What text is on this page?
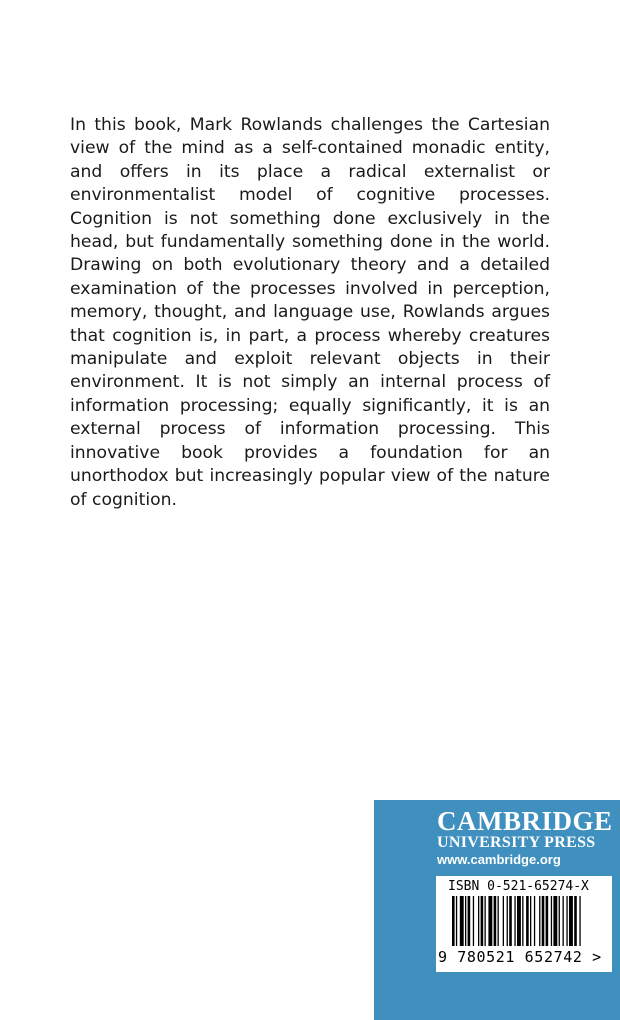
In this book, Mark Rowlands challenges the Cartesian view of the mind as a self-contained monadic entity, and offers in its place a radical externalist or environmentalist model of cognitive processes. Cognition is not something done exclusively in the head, but fundamentally something done in the world. Drawing on both evolutionary theory and a detailed examination of the processes involved in perception, memory, thought, and language use, Rowlands argues that cognition is, in part, a process whereby creatures manipulate and exploit relevant objects in their environment. It is not simply an internal process of information processing; equally significantly, it is an external process of information processing. This innovative book provides a foundation for an unorthodox but increasingly popular view of the nature of cognition.

CAMBRIDGE
UNIVERSITY PRESS
www.cambridge.org
ISBN 0-521-65274-X
9 780521 652742 >
